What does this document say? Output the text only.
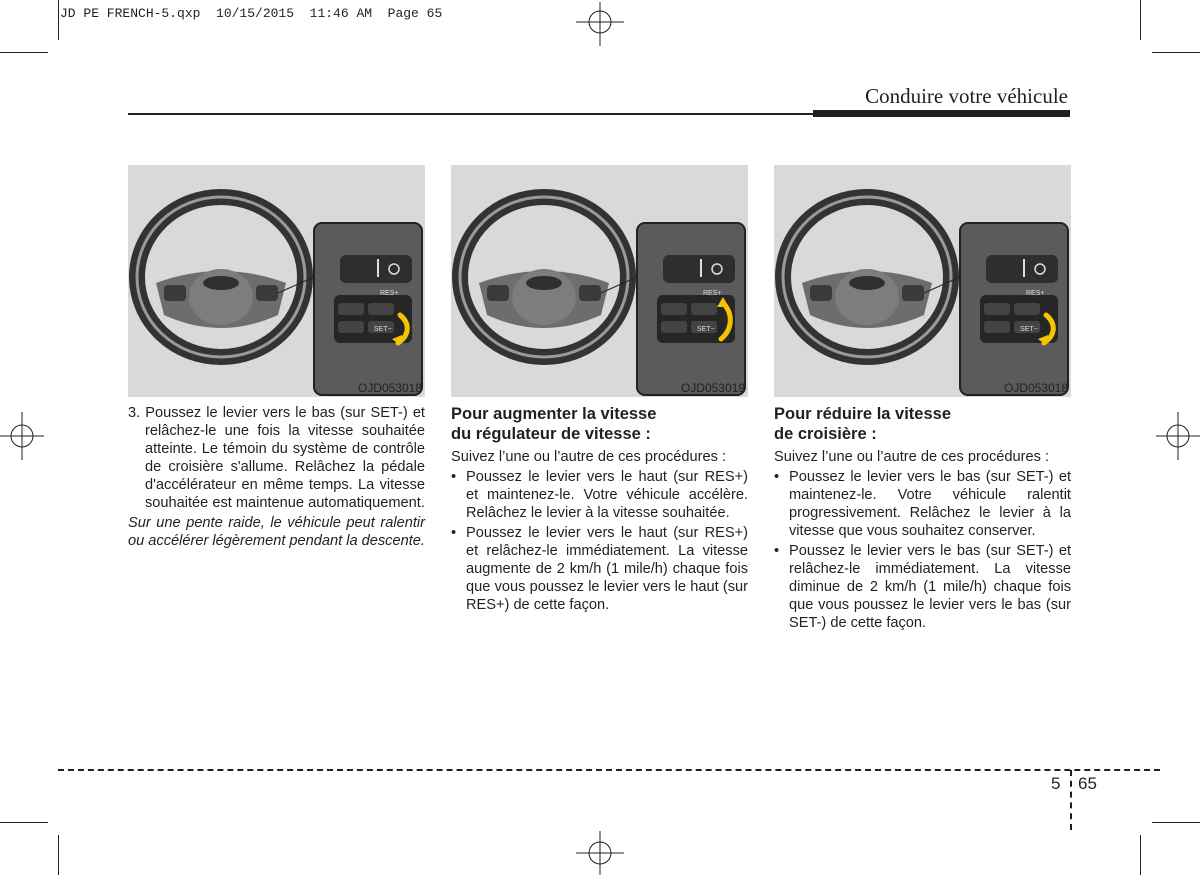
JD PE FRENCH-5.qxp  10/15/2015  11:46 AM  Page 65
Conduire votre véhicule
RES+
SET−
OJD053018
RES+
SET−
OJD053019
RES+
SET−
OJD053018

3. Poussez le levier vers le bas (sur SET-) et relâchez-le une fois la vitesse souhaitée atteinte. Le témoin du système de contrôle de croisière s'allume. Relâchez la pédale d'accélérateur en même temps. La vitesse souhaitée est maintenue automatiquement.

Sur une pente raide, le véhicule peut ralentir ou accélérer légèrement pendant la descente.

Pour augmenter la vitesse
du régulateur de vitesse :

Suivez l’une ou l’autre de ces procédures :

• Poussez le levier vers le haut (sur RES+) et maintenez-le. Votre véhicule accélère. Relâchez le levier à la vitesse souhaitée.
• Poussez le levier vers le haut (sur RES+) et relâchez-le immédiatement. La vitesse augmente de 2 km/h (1 mile/h) chaque fois que vous poussez le levier vers le haut (sur RES+) de cette façon.
Pour réduire la vitesse
de croisière :

Suivez l’une ou l’autre de ces procédures :

• Poussez le levier vers le bas (sur SET-) et maintenez-le. Votre véhicule ralentit progressivement. Relâchez le levier à la vitesse que vous souhaitez conserver.
• Poussez le levier vers le bas (sur SET-) et relâchez-le immédiatement. La vitesse diminue de 2 km/h (1 mile/h) chaque fois que vous poussez le levier vers le bas (sur SET-) de cette façon.
5 65
